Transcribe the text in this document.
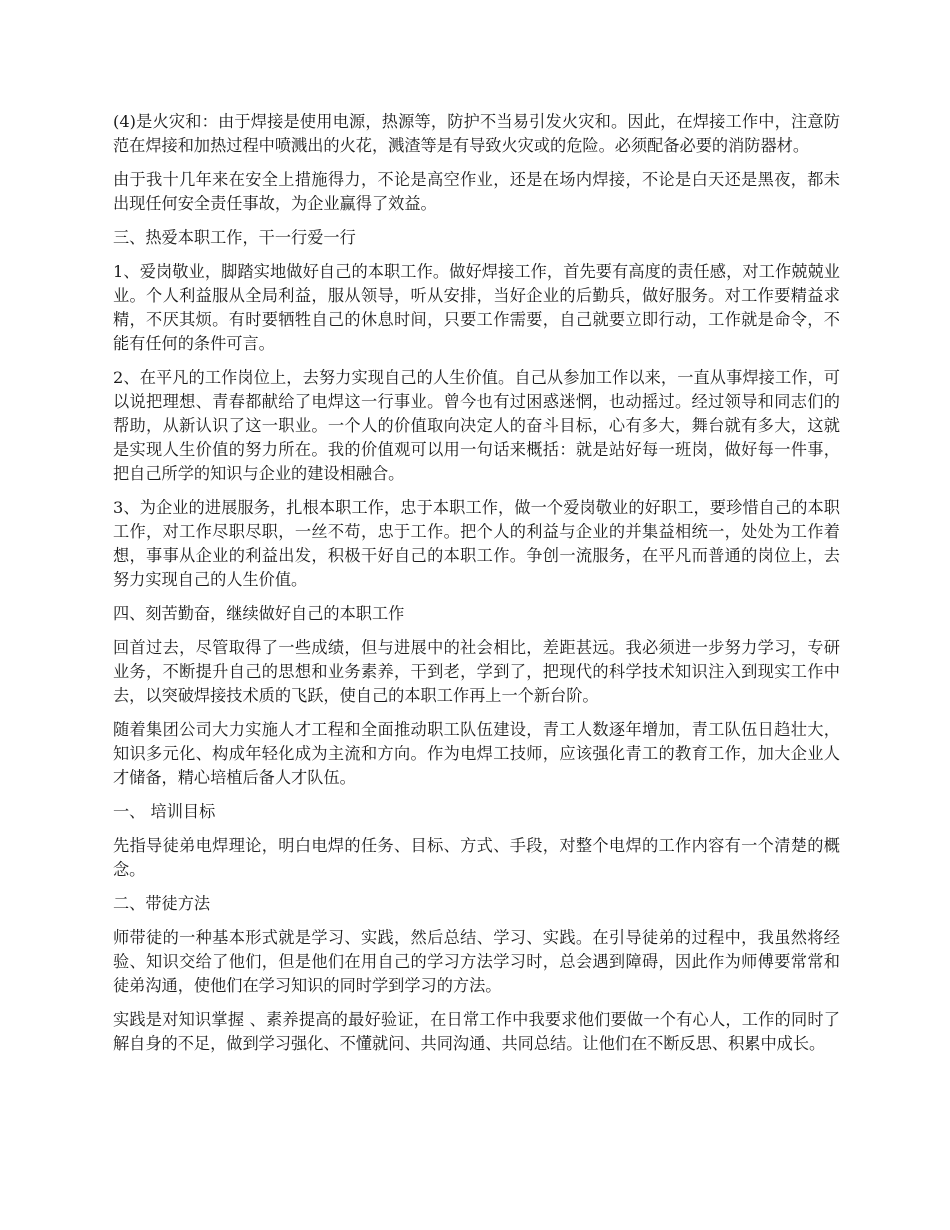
(4)是火灾和：由于焊接是使用电源，热源等，防护不当易引发火灾和。因此，在焊接工作中，注意防范在焊接和加热过程中喷溅出的火花，溅渣等是有导致火灾或的危险。必须配备必要的消防器材。

由于我十几年来在安全上措施得力，不论是高空作业，还是在场内焊接，不论是白天还是黑夜，都未出现任何安全责任事故，为企业赢得了效益。

三、热爱本职工作，干一行爱一行

1、爱岗敬业，脚踏实地做好自己的本职工作。做好焊接工作，首先要有高度的责任感，对工作兢兢业业。个人利益服从全局利益，服从领导，听从安排，当好企业的后勤兵，做好服务。对工作要精益求精，不厌其烦。有时要牺牲自己的休息时间，只要工作需要，自己就要立即行动，工作就是命令，不能有任何的条件可言。

2、在平凡的工作岗位上，去努力实现自己的人生价值。自己从参加工作以来，一直从事焊接工作，可以说把理想、青春都献给了电焊这一行事业。曾今也有过困惑迷惘，也动摇过。经过领导和同志们的帮助，从新认识了这一职业。一个人的价值取向决定人的奋斗目标，心有多大，舞台就有多大，这就是实现人生价值的努力所在。我的价值观可以用一句话来概括：就是站好每一班岗，做好每一件事，把自己所学的知识与企业的建设相融合。

3、为企业的进展服务，扎根本职工作，忠于本职工作，做一个爱岗敬业的好职工，要珍惜自己的本职工作，对工作尽职尽职，一丝不苟，忠于工作。把个人的利益与企业的并集益相统一，处处为工作着想，事事从企业的利益出发，积极干好自己的本职工作。争创一流服务，在平凡而普通的岗位上，去努力实现自己的人生价值。

四、刻苦勤奋，继续做好自己的本职工作

回首过去，尽管取得了一些成绩，但与进展中的社会相比，差距甚远。我必须进一步努力学习，专研业务，不断提升自己的思想和业务素养，干到老，学到了，把现代的科学技术知识注入到现实工作中去，以突破焊接技术质的飞跃，使自己的本职工作再上一个新台阶。

随着集团公司大力实施人才工程和全面推动职工队伍建设，青工人数逐年增加，青工队伍日趋壮大，知识多元化、构成年轻化成为主流和方向。作为电焊工技师，应该强化青工的教育工作，加大企业人才储备，精心培植后备人才队伍。

一、 培训目标

先指导徒弟电焊理论，明白电焊的任务、目标、方式、手段，对整个电焊的工作内容有一个清楚的概念。

二、带徒方法

师带徒的一种基本形式就是学习、实践，然后总结、学习、实践。在引导徒弟的过程中，我虽然将经验、知识交给了他们，但是他们在用自己的学习方法学习时，总会遇到障碍，因此作为师傅要常常和徒弟沟通，使他们在学习知识的同时学到学习的方法。

实践是对知识掌握 、素养提高的最好验证，在日常工作中我要求他们要做一个有心人，工作的同时了解自身的不足，做到学习强化、不懂就问、共同沟通、共同总结。让他们在不断反思、积累中成长。
